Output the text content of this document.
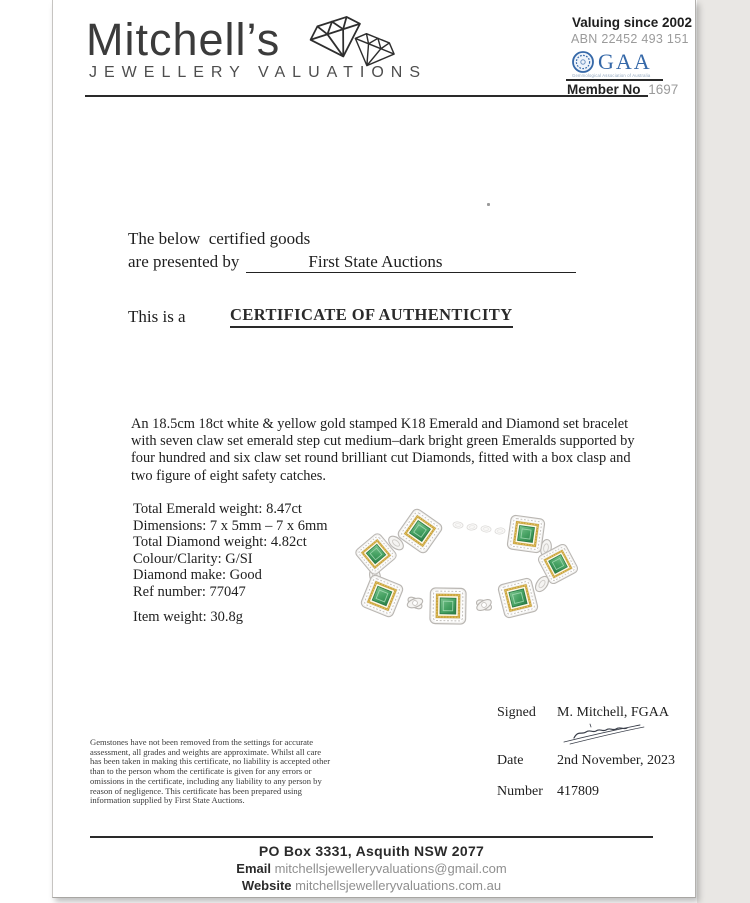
Mitchell’s
JEWELLERY VALUATIONS
Valuing since 2002
ABN 22452 493 151
GAA
Gemmological Association of Australia
Member No 1697
The below  certified goods
are presented by	First State Auctions
This is a	CERTIFICATE OF AUTHENTICITY
An 18.5cm 18ct white & yellow gold stamped K18 Emerald and Diamond set bracelet with seven claw set emerald step cut medium–dark bright green Emeralds supported by four hundred and six claw set round brilliant cut Diamonds, fitted with a box clasp and two figure of eight safety catches.
Total Emerald weight: 8.47ct
Dimensions: 7 x 5mm – 7 x 6mm
Total Diamond weight: 4.82ct
Colour/Clarity: G/SI
Diamond make: Good
Ref number: 77047
Item weight: 30.8g
Signed M. Mitchell, FGAA
Date 2nd November, 2023
Number 417809
Gemstones have not been removed from the settings for accurate assessment, all grades and weights are approximate. Whilst all care has been taken in making this certificate, no liability is accepted other than to the person whom the certificate is given for any errors or omissions in the certificate, including any liability to any person by reason of negligence. This certificate has been prepared using information supplied by First State Auctions.
PO Box 3331, Asquith NSW 2077
Email mitchellsjewelleryvaluations@gmail.com
Website mitchellsjewelleryvaluations.com.au
